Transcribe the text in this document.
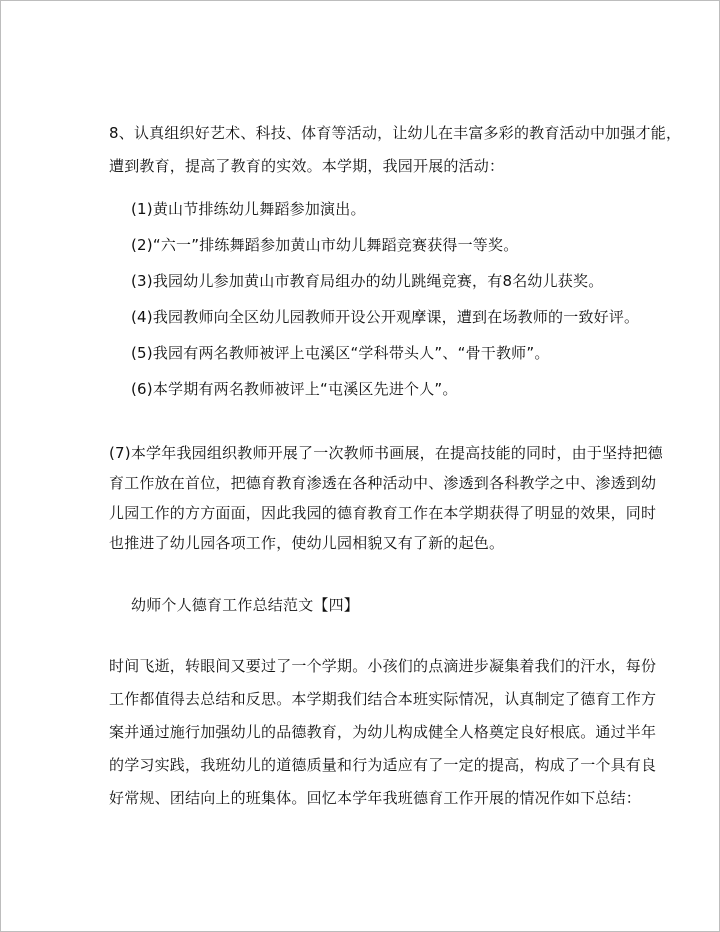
8、认真组织好艺术、科技、体育等活动，让幼儿在丰富多彩的教育活动中加强才能，
遭到教育，提高了教育的实效。本学期，我园开展的活动：
(1)黄山节排练幼儿舞蹈参加演出。
(2)“六一”排练舞蹈参加黄山市幼儿舞蹈竞赛获得一等奖。
(3)我园幼儿参加黄山市教育局组办的幼儿跳绳竞赛，有8名幼儿获奖。
(4)我园教师向全区幼儿园教师开设公开观摩课，遭到在场教师的一致好评。
(5)我园有两名教师被评上屯溪区“学科带头人”、“骨干教师”。
(6)本学期有两名教师被评上“屯溪区先进个人”。
(7)本学年我园组织教师开展了一次教师书画展，在提高技能的同时，由于坚持把德
育工作放在首位，把德育教育渗透在各种活动中、渗透到各科教学之中、渗透到幼
儿园工作的方方面面，因此我园的德育教育工作在本学期获得了明显的效果，同时
也推进了幼儿园各项工作，使幼儿园相貌又有了新的起色。
幼师个人德育工作总结范文【四】
时间飞逝，转眼间又要过了一个学期。小孩们的点滴进步凝集着我们的汗水，每份
工作都值得去总结和反思。本学期我们结合本班实际情况，认真制定了德育工作方
案并通过施行加强幼儿的品德教育，为幼儿构成健全人格奠定良好根底。通过半年
的学习实践，我班幼儿的道德质量和行为适应有了一定的提高，构成了一个具有良
好常规、团结向上的班集体。回忆本学年我班德育工作开展的情况作如下总结：
